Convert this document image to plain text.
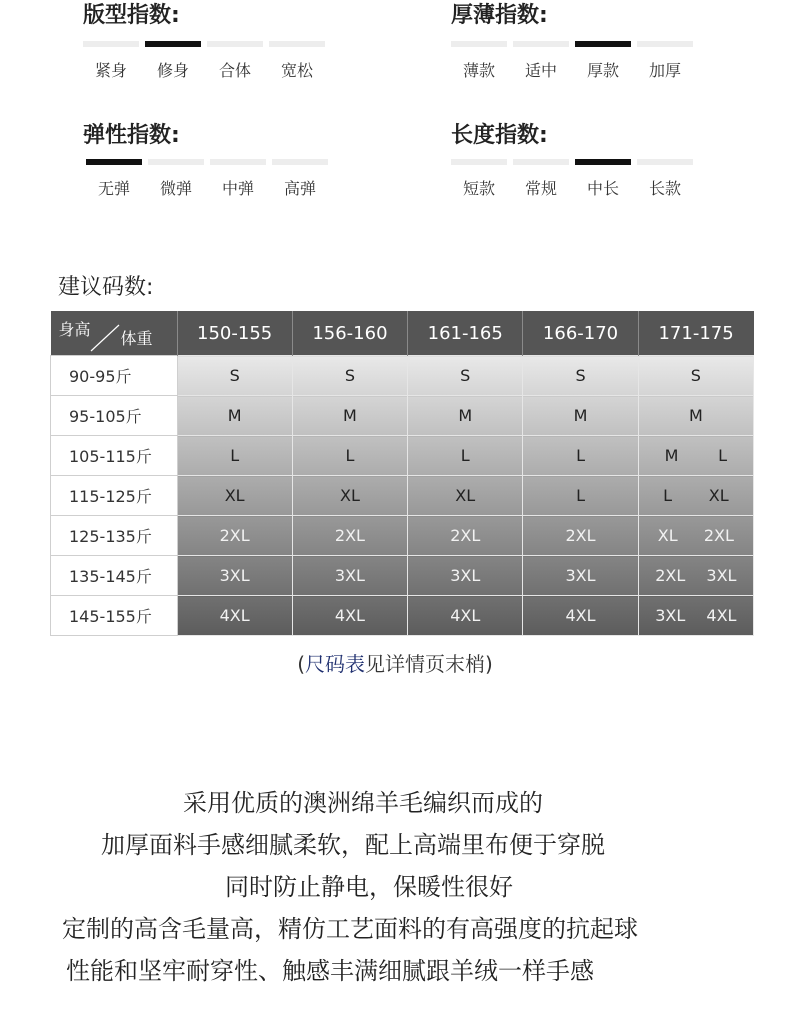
版型指数:
紧身	修身	合体	宽松
厚薄指数:
薄款	适中	厚款	加厚
弹性指数:
无弹	微弹	中弹	高弹
长度指数:
短款	常规	中长	长款
建议码数:
身高 体重	150-155	156-160	161-165	166-170	171-175
90-95斤	S	S	S	S	S
95-105斤	M	M	M	M	M
105-115斤	L	L	L	L	M L

115-125斤	XL	XL	XL	L	L XL

125-135斤	2XL	2XL	2XL	2XL	XL 2XL

135-145斤	3XL	3XL	3XL	3XL	2XL 3XL

145-155斤	4XL	4XL	4XL	4XL	3XL 4XL
(尺码表见详情页末梢)
采用优质的澳洲绵羊毛编织而成的
加厚面料手感细腻柔软，配上高端里布便于穿脱
同时防止静电，保暖性很好
定制的高含毛量高，精仿工艺面料的有高强度的抗起球
性能和坚牢耐穿性、触感丰满细腻跟羊绒一样手感
